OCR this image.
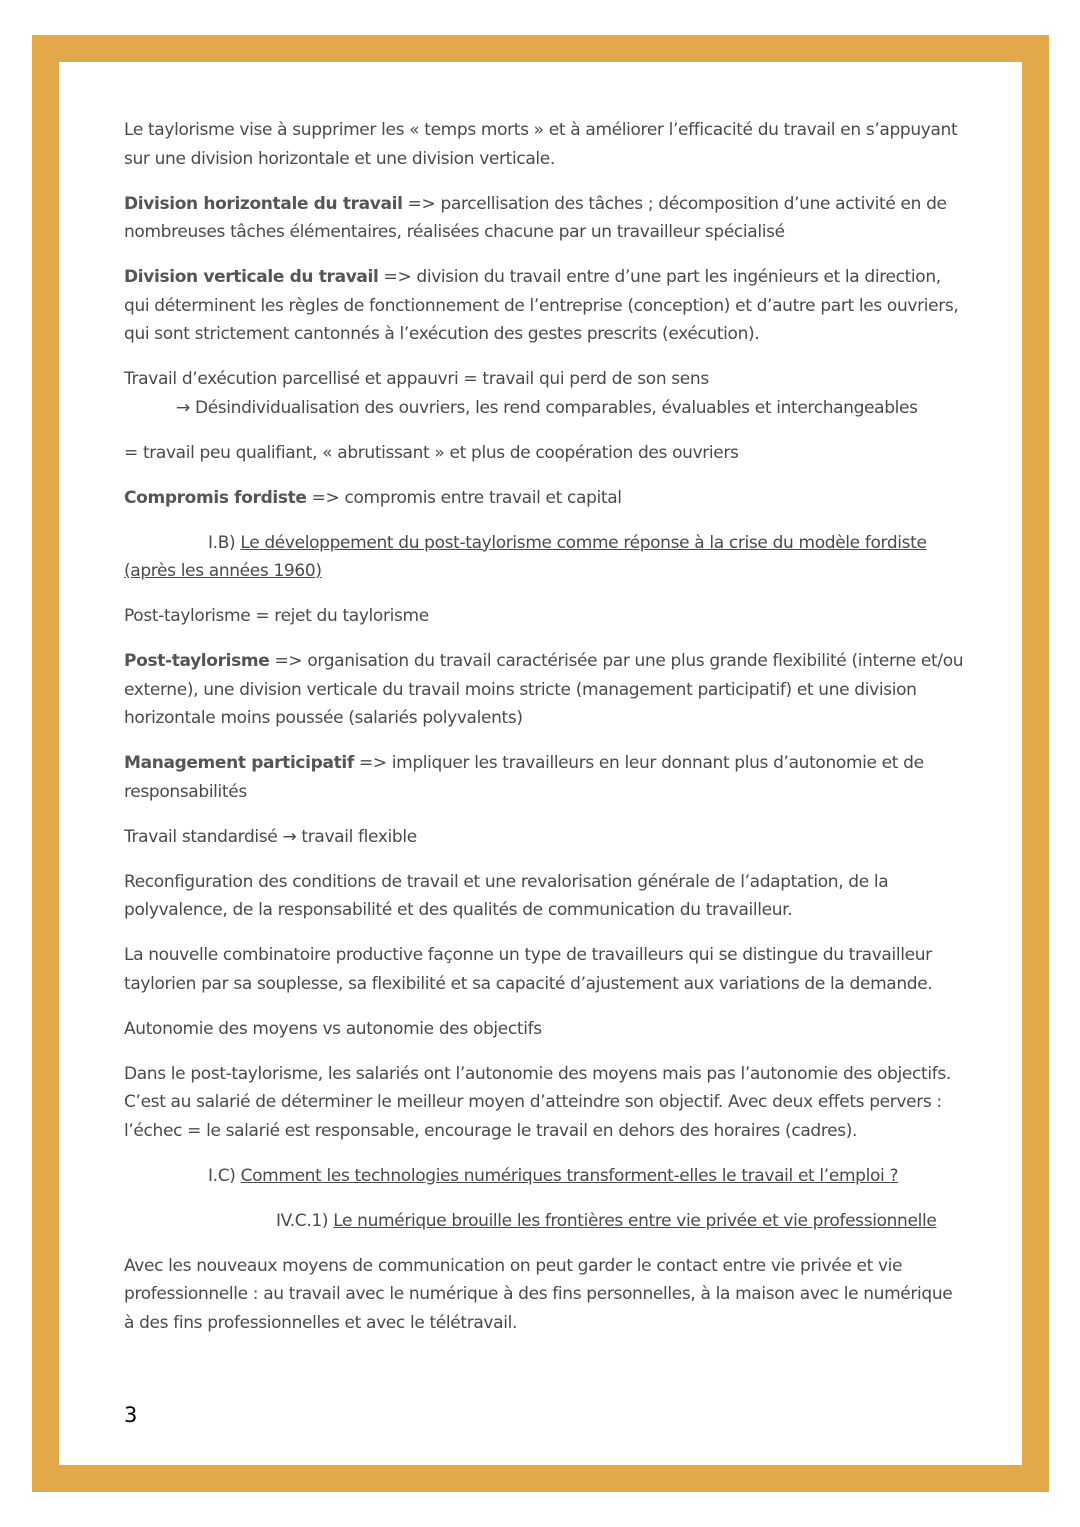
Le taylorisme vise à supprimer les « temps morts » et à améliorer l’efficacité du travail en s’appuyant sur une division horizontale et une division verticale.

Division horizontale du travail => parcellisation des tâches ; décomposition d’une activité en de nombreuses tâches élémentaires, réalisées chacune par un travailleur spécialisé

Division verticale du travail => division du travail entre d’une part les ingénieurs et la direction, qui déterminent les règles de fonctionnement de l’entreprise (conception) et d’autre part les ouvriers, qui sont strictement cantonnés à l’exécution des gestes prescrits (exécution).

Travail d’exécution parcellisé et appauvri = travail qui perd de son sens

→ Désindividualisation des ouvriers, les rend comparables, évaluables et interchangeables

= travail peu qualifiant, « abrutissant » et plus de coopération des ouvriers

Compromis fordiste => compromis entre travail et capital

I.B) Le développement du post-taylorisme comme réponse à la crise du modèle fordiste (après les années 1960)

Post-taylorisme = rejet du taylorisme

Post-taylorisme => organisation du travail caractérisée par une plus grande flexibilité (interne et/ou externe), une division verticale du travail moins stricte (management participatif) et une division horizontale moins poussée (salariés polyvalents)

Management participatif => impliquer les travailleurs en leur donnant plus d’autonomie et de responsabilités

Travail standardisé → travail flexible

Reconfiguration des conditions de travail et une revalorisation générale de l’adaptation, de la polyvalence, de la responsabilité et des qualités de communication du travailleur.

La nouvelle combinatoire productive façonne un type de travailleurs qui se distingue du travailleur taylorien par sa souplesse, sa flexibilité et sa capacité d’ajustement aux variations de la demande.

Autonomie des moyens vs autonomie des objectifs

Dans le post-taylorisme, les salariés ont l’autonomie des moyens mais pas l’autonomie des objectifs. C’est au salarié de déterminer le meilleur moyen d’atteindre son objectif. Avec deux effets pervers : l’échec = le salarié est responsable, encourage le travail en dehors des horaires (cadres).

I.C) Comment les technologies numériques transforment-elles le travail et l’emploi ?

IV.C.1) Le numérique brouille les frontières entre vie privée et vie professionnelle

Avec les nouveaux moyens de communication on peut garder le contact entre vie privée et vie professionnelle : au travail avec le numérique à des fins personnelles, à la maison avec le numérique à des fins professionnelles et avec le télétravail.

3
